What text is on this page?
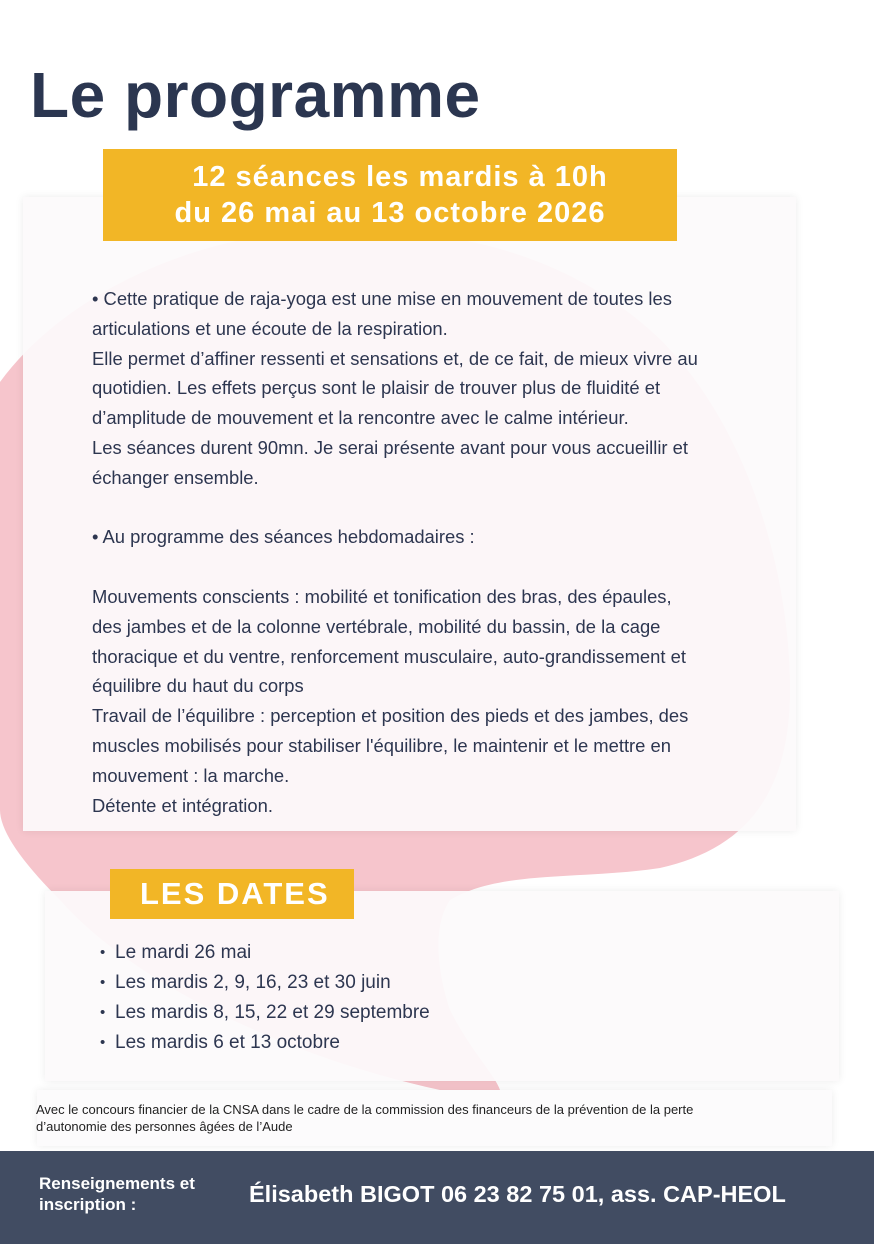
Le programme
12 séances les mardis à 10h
du 26 mai au 13 octobre 2026

• Cette pratique de raja-yoga est une mise en mouvement de toutes les

articulations et une écoute de la respiration.

Elle permet d’affiner ressenti et sensations et, de ce fait, de mieux vivre au

quotidien. Les effets perçus sont le plaisir de trouver plus de fluidité et

d’amplitude de mouvement et la rencontre avec le calme intérieur.

Les séances durent 90mn. Je serai présente avant pour vous accueillir et

échanger ensemble.

• Au programme des séances hebdomadaires :

Mouvements conscients : mobilité et tonification des bras, des épaules,

des jambes et de la colonne vertébrale, mobilité du bassin, de la cage

thoracique et du ventre, renforcement musculaire, auto-grandissement et

équilibre du haut du corps

Travail de l’équilibre : perception et position des pieds et des jambes, des

muscles mobilisés pour stabiliser l'équilibre, le maintenir et le mettre en

mouvement : la marche.

Détente et intégration.

LES DATES
• Le mardi 26 mai
• Les mardis 2, 9, 16, 23 et 30 juin
• Les mardis 8, 15, 22 et 29 septembre
• Les mardis 6 et 13 octobre
Avec le concours financier de la CNSA dans le cadre de la commission des financeurs de la prévention de la perte
d’autonomie des personnes âgées de l’Aude
Renseignements et
inscription :	Élisabeth BIGOT 06 23 82 75 01, ass. CAP-HEOL
